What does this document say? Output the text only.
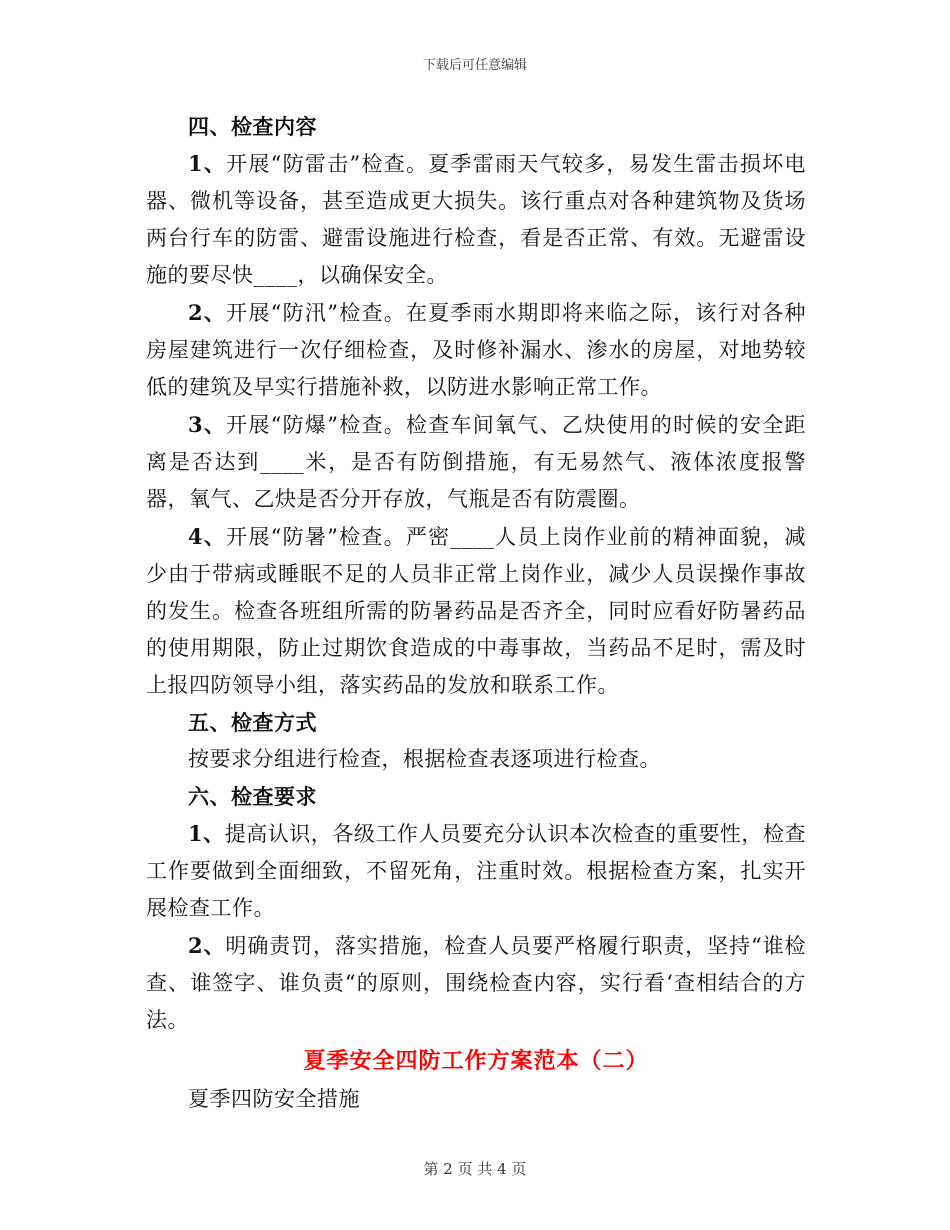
下载后可任意编辑

四、检查内容

1、开展“防雷击”检查。夏季雷雨天气较多，易发生雷击损坏电器、微机等设备，甚至造成更大损失。该行重点对各种建筑物及货场两台行车的防雷、避雷设施进行检查，看是否正常、有效。无避雷设施的要尽快____，以确保安全。

2、开展“防汛”检查。在夏季雨水期即将来临之际，该行对各种房屋建筑进行一次仔细检查，及时修补漏水、渗水的房屋，对地势较低的建筑及早实行措施补救，以防进水影响正常工作。

3、开展“防爆”检查。检查车间氧气、乙炔使用的时候的安全距离是否达到____米，是否有防倒措施，有无易然气、液体浓度报警器，氧气、乙炔是否分开存放，气瓶是否有防震圈。

4、开展“防暑”检查。严密____人员上岗作业前的精神面貌，减少由于带病或睡眠不足的人员非正常上岗作业，减少人员误操作事故的发生。检查各班组所需的防暑药品是否齐全，同时应看好防暑药品的使用期限，防止过期饮食造成的中毒事故，当药品不足时，需及时上报四防领导小组，落实药品的发放和联系工作。

五、检查方式

按要求分组进行检查，根据检查表逐项进行检查。

六、检查要求

1、提高认识，各级工作人员要充分认识本次检查的重要性，检查工作要做到全面细致，不留死角，注重时效。根据检查方案，扎实开展检查工作。

2、明确责罚，落实措施，检查人员要严格履行职责，坚持“谁检查、谁签字、谁负责“的原则，围绕检查内容，实行看‘查相结合的方法。

夏季安全四防工作方案范本（二）

夏季四防安全措施

第 2 页 共 4 页
